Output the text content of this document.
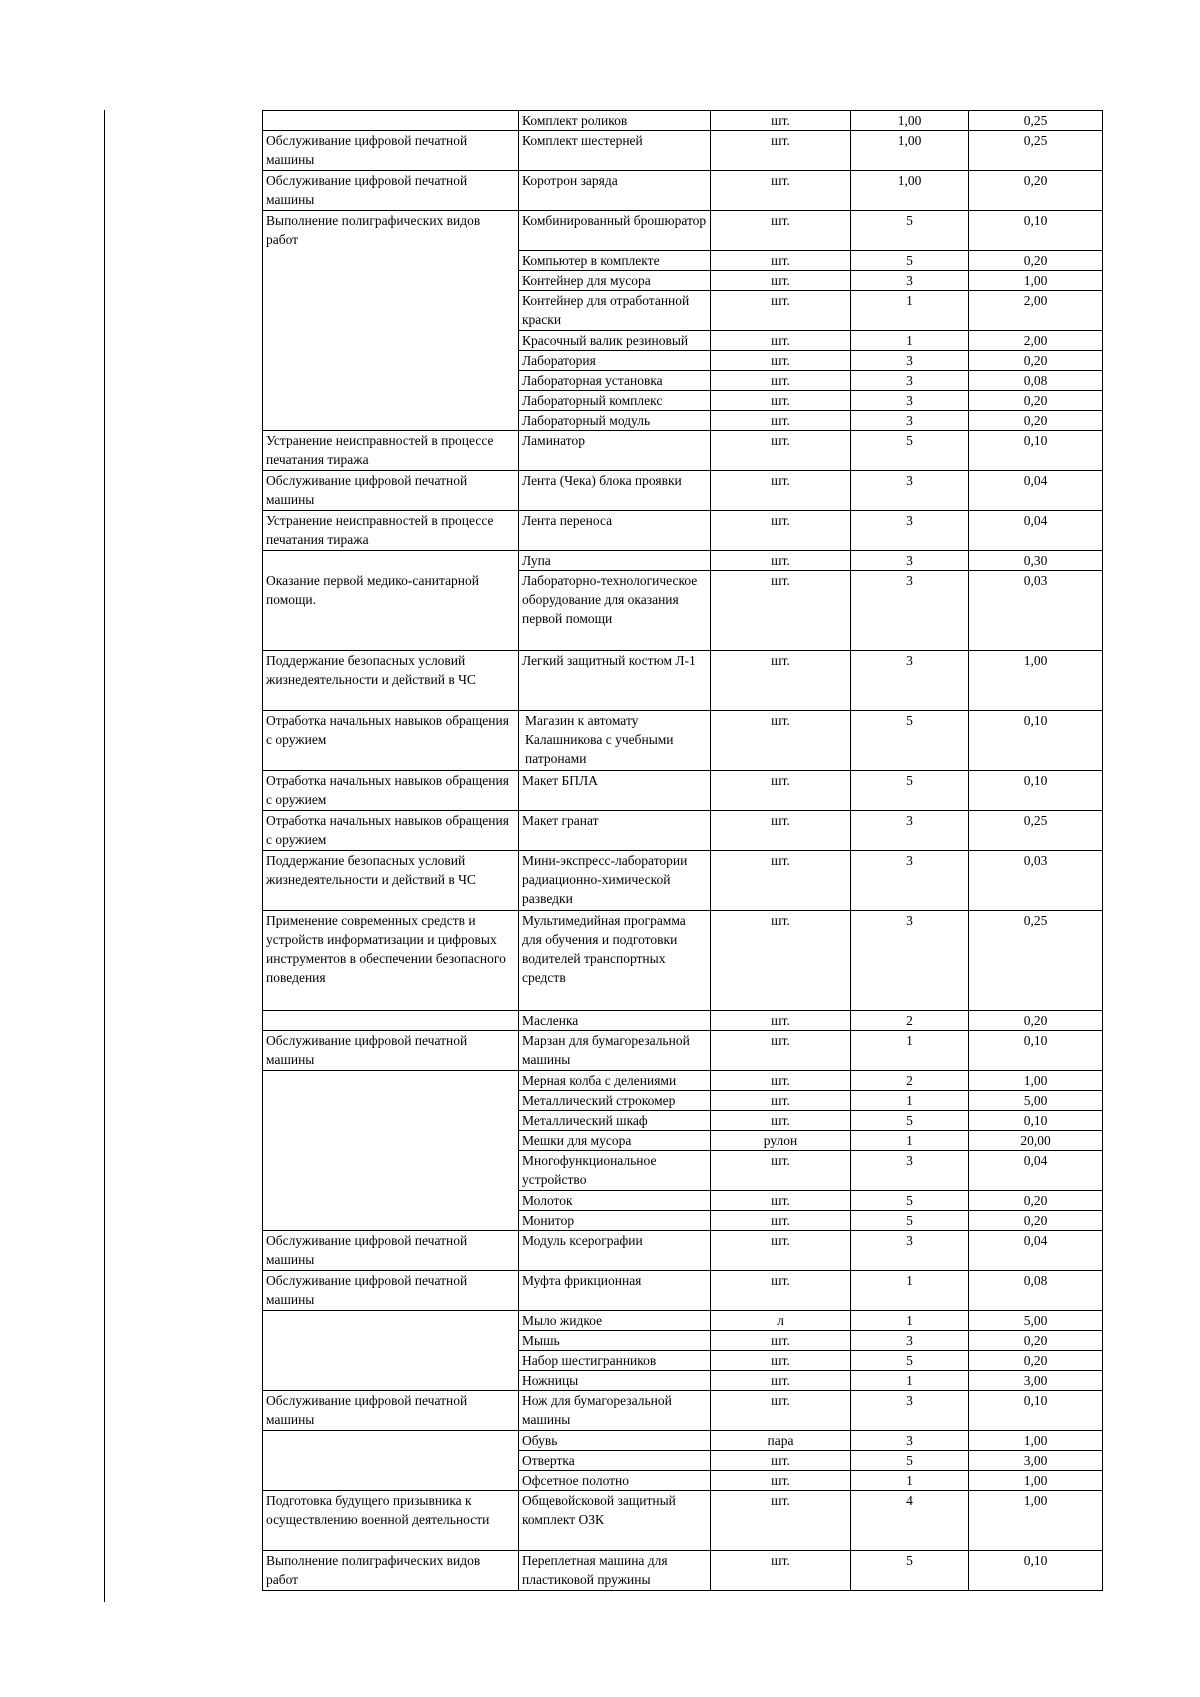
	Комплект роликов	шт.	1,00	0,25
Обслуживание цифровой печатной машины	Комплект шестерней	шт.	1,00	0,25
Обслуживание цифровой печатной машины	Коротрон заряда	шт.	1,00	0,20
Выполнение полиграфических видов работ	Комбинированный брошюратор	шт.	5	0,10
	Компьютер в комплекте	шт.	5	0,20
	Контейнер для мусора	шт.	3	1,00
	Контейнер для отработанной краски	шт.	1	2,00
	Красочный валик резиновый	шт.	1	2,00
	Лаборатория	шт.	3	0,20
	Лабораторная установка	шт.	3	0,08
	Лабораторный комплекс	шт.	3	0,20
	Лабораторный модуль	шт.	3	0,20
Устранение неисправностей в процессе печатания тиража	Ламинатор	шт.	5	0,10
Обслуживание цифровой печатной машины	Лента (Чека) блока проявки	шт.	3	0,04
Устранение неисправностей в процессе печатания тиража	Лента переноса	шт.	3	0,04
Оказание первой медико-санитарной помощи.	Лупа	шт.	3	0,30
	Лабораторно-технологическое оборудование для оказания первой помощи	шт.	3	0,03
Поддержание безопасных условий жизнедеятельности и действий в ЧС	Легкий защитный костюм Л-1	шт.	3	1,00
Отработка начальных навыков обращения с оружием	Магазин к автомату Калашникова с учебными патронами	шт.	5	0,10
Отработка начальных навыков обращения с оружием	Макет БПЛА	шт.	5	0,10
Отработка начальных навыков обращения с оружием	Макет гранат	шт.	3	0,25
Поддержание безопасных условий жизнедеятельности и действий в ЧС	Мини-экспресс-лаборатории радиационно-химической разведки	шт.	3	0,03
Применение современных средств и устройств информатизации и цифровых инструментов в обеспечении безопасного поведения	Мультимедийная программа для обучения и подготовки водителей транспортных средств	шт.	3	0,25
	Масленка	шт.	2	0,20
Обслуживание цифровой печатной машины	Марзан для бумагорезальной машины	шт.	1	0,10
	Мерная колба с делениями	шт.	2	1,00
	Металлический строкомер	шт.	1	5,00
	Металлический шкаф	шт.	5	0,10
	Мешки для мусора	рулон	1	20,00
	Многофункциональное устройство	шт.	3	0,04
	Молоток	шт.	5	0,20
	Монитор	шт.	5	0,20
Обслуживание цифровой печатной машины	Модуль ксерографии	шт.	3	0,04
Обслуживание цифровой печатной машины	Муфта фрикционная	шт.	1	0,08
	Мыло жидкое	л	1	5,00
	Мышь	шт.	3	0,20
	Набор шестигранников	шт.	5	0,20
	Ножницы	шт.	1	3,00
Обслуживание цифровой печатной машины	Нож для бумагорезальной машины	шт.	3	0,10
	Обувь	пара	3	1,00
	Отвертка	шт.	5	3,00
	Офсетное полотно	шт.	1	1,00
Подготовка будущего призывника к осуществлению военной деятельности	Общевойсковой защитный комплект ОЗК	шт.	4	1,00
Выполнение полиграфических видов работ	Переплетная машина для пластиковой пружины	шт.	5	0,10
